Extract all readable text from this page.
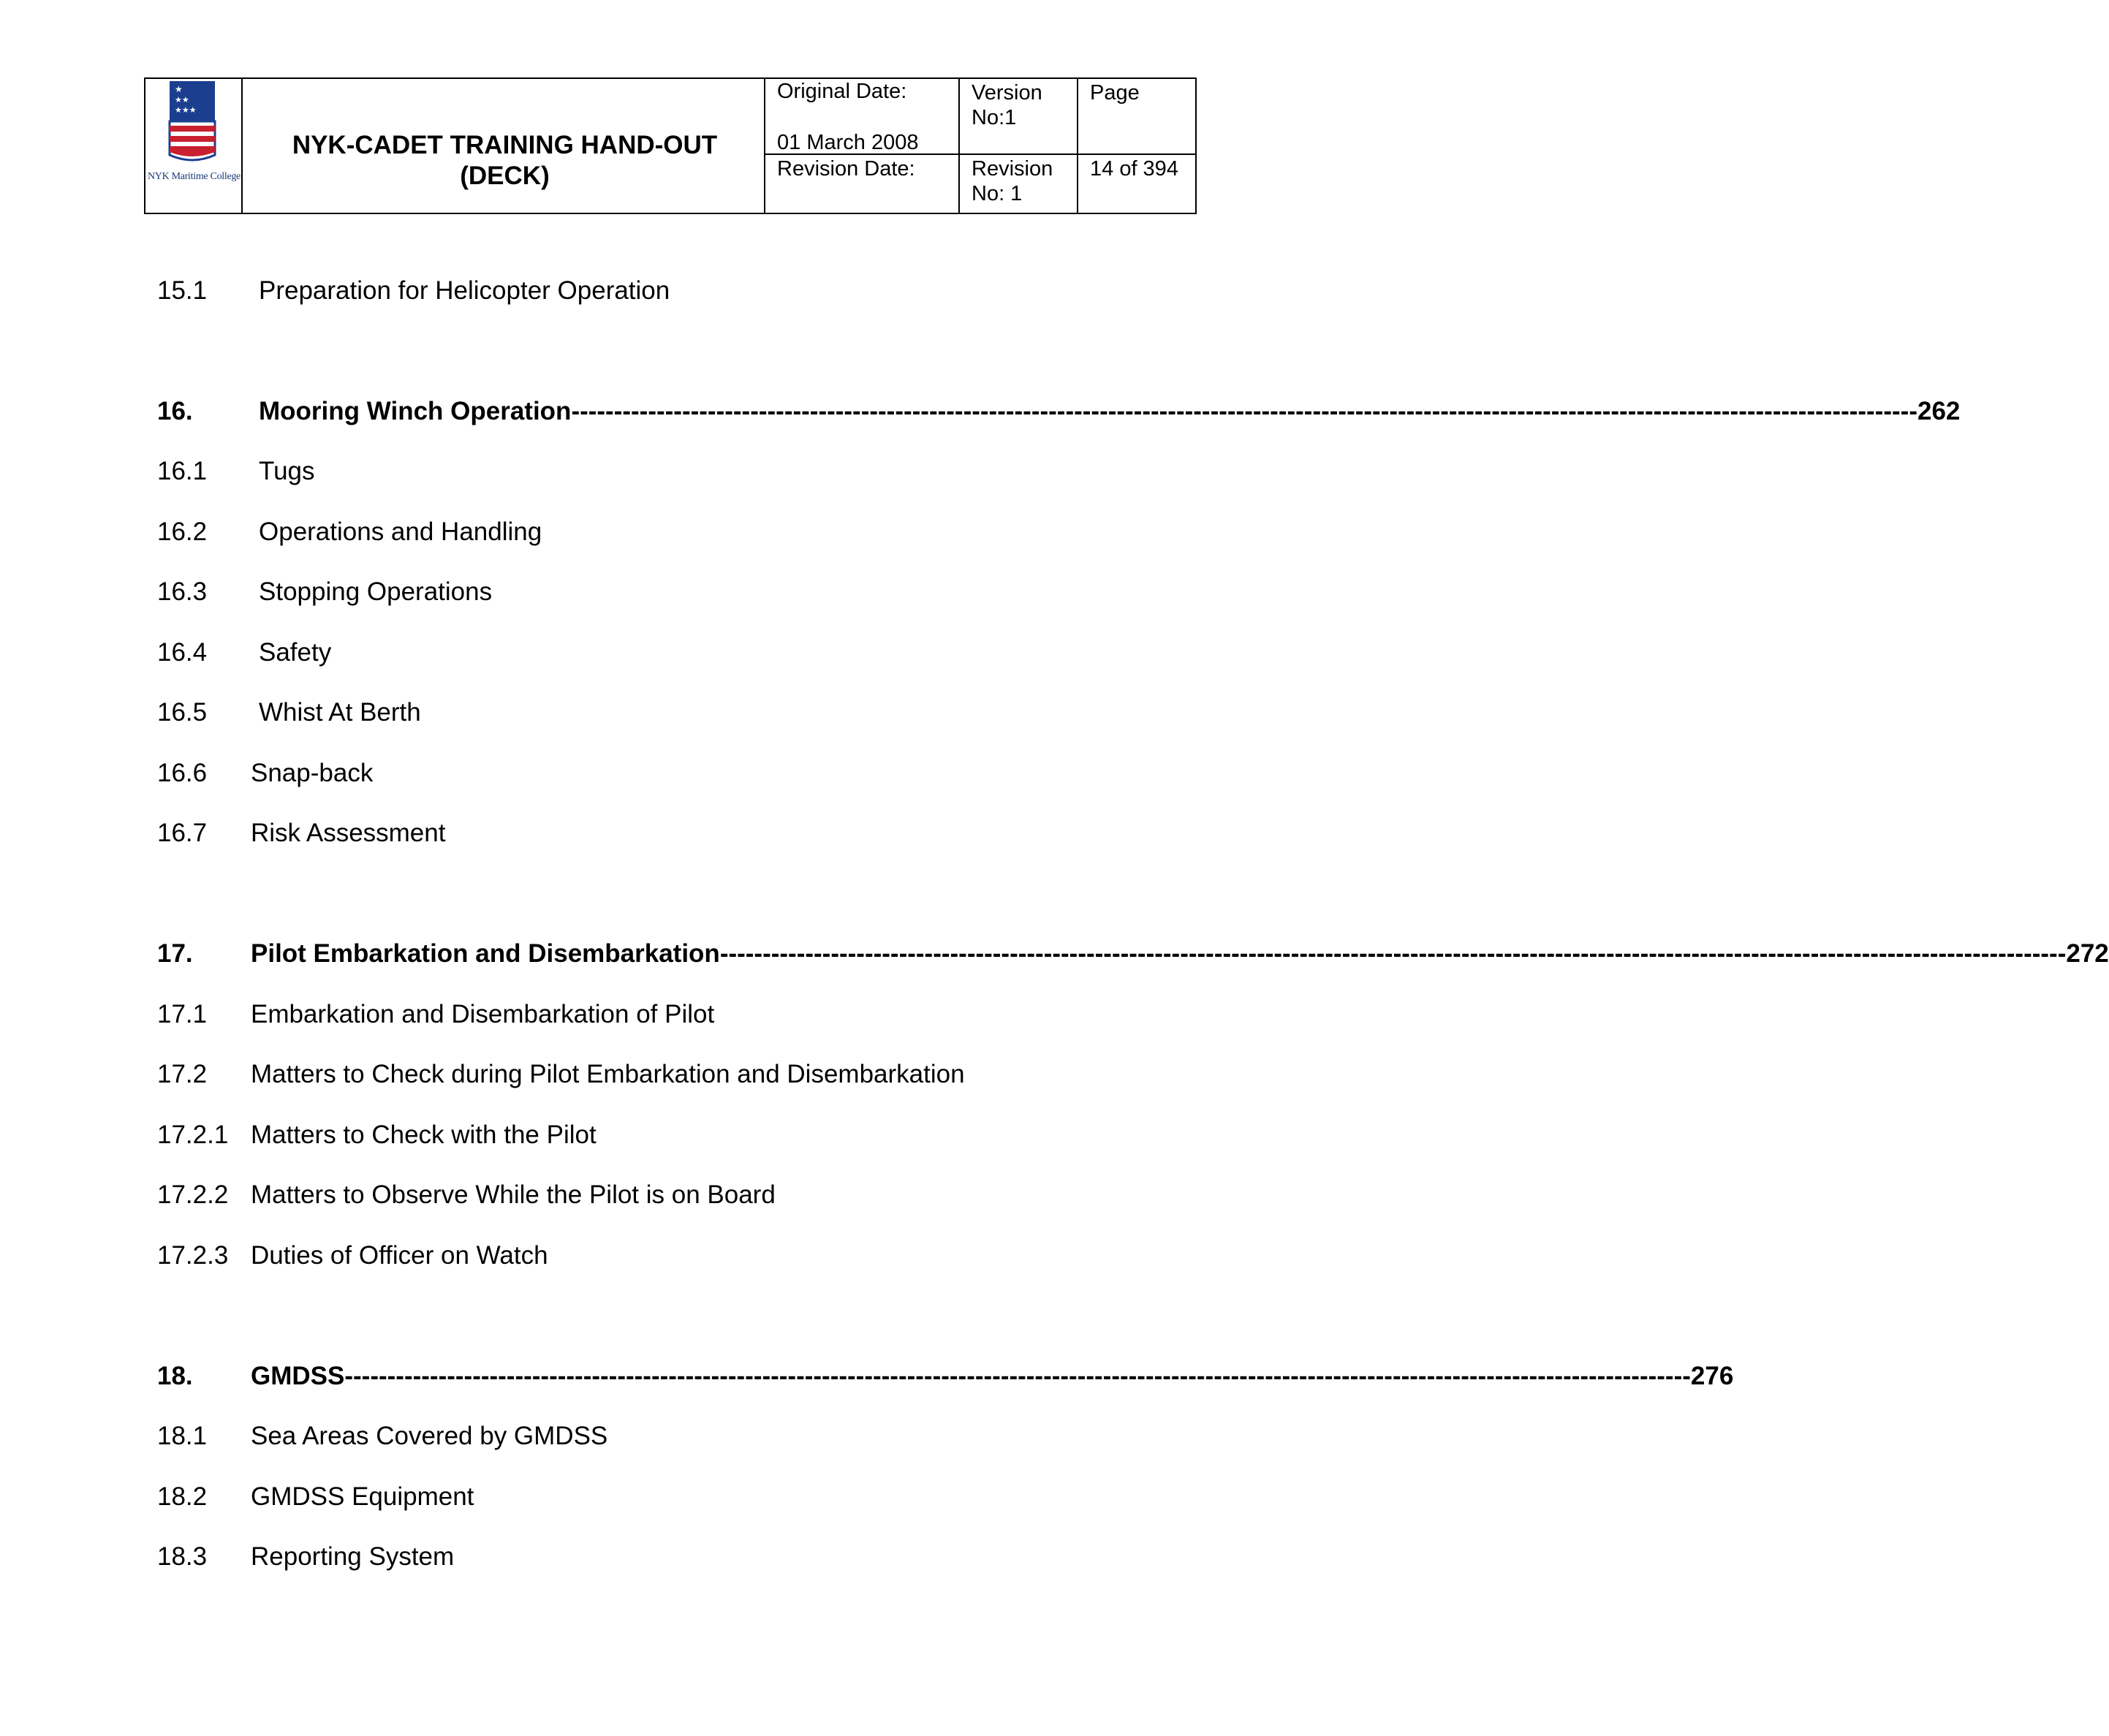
★
★★
★★★
NYK Maritime College
NYK-CADET TRAINING HAND-OUT
(DECK)
Original Date:
01 March 2008
Revision Date:
Version
No:1
Revision
No: 1
Page
14 of 394
15.1 Preparation for Helicopter Operation
16.	Mooring Winch Operation -------------------------------------------------------------------------------------------------------------------------------------------------------------- 262
16.1 Tugs
16.2 Operations and Handling
16.3 Stopping Operations
16.4 Safety
16.5 Whist At Berth
16.6 Snap-back
16.7 Risk Assessment
17. Pilot Embarkation and Disembarkation -------------------------------------------------------------------------------------------------------------------------------------------------------------- 272
17.1 Embarkation and Disembarkation of Pilot
17.2 Matters to Check during Pilot Embarkation and Disembarkation
17.2.1 Matters to Check with the Pilot
17.2.2 Matters to Observe While the Pilot is on Board
17.2.3 Duties of Officer on Watch
18. GMDSS -------------------------------------------------------------------------------------------------------------------------------------------------------------- 276
18.1 Sea Areas Covered by GMDSS
18.2 GMDSS Equipment
18.3 Reporting System
